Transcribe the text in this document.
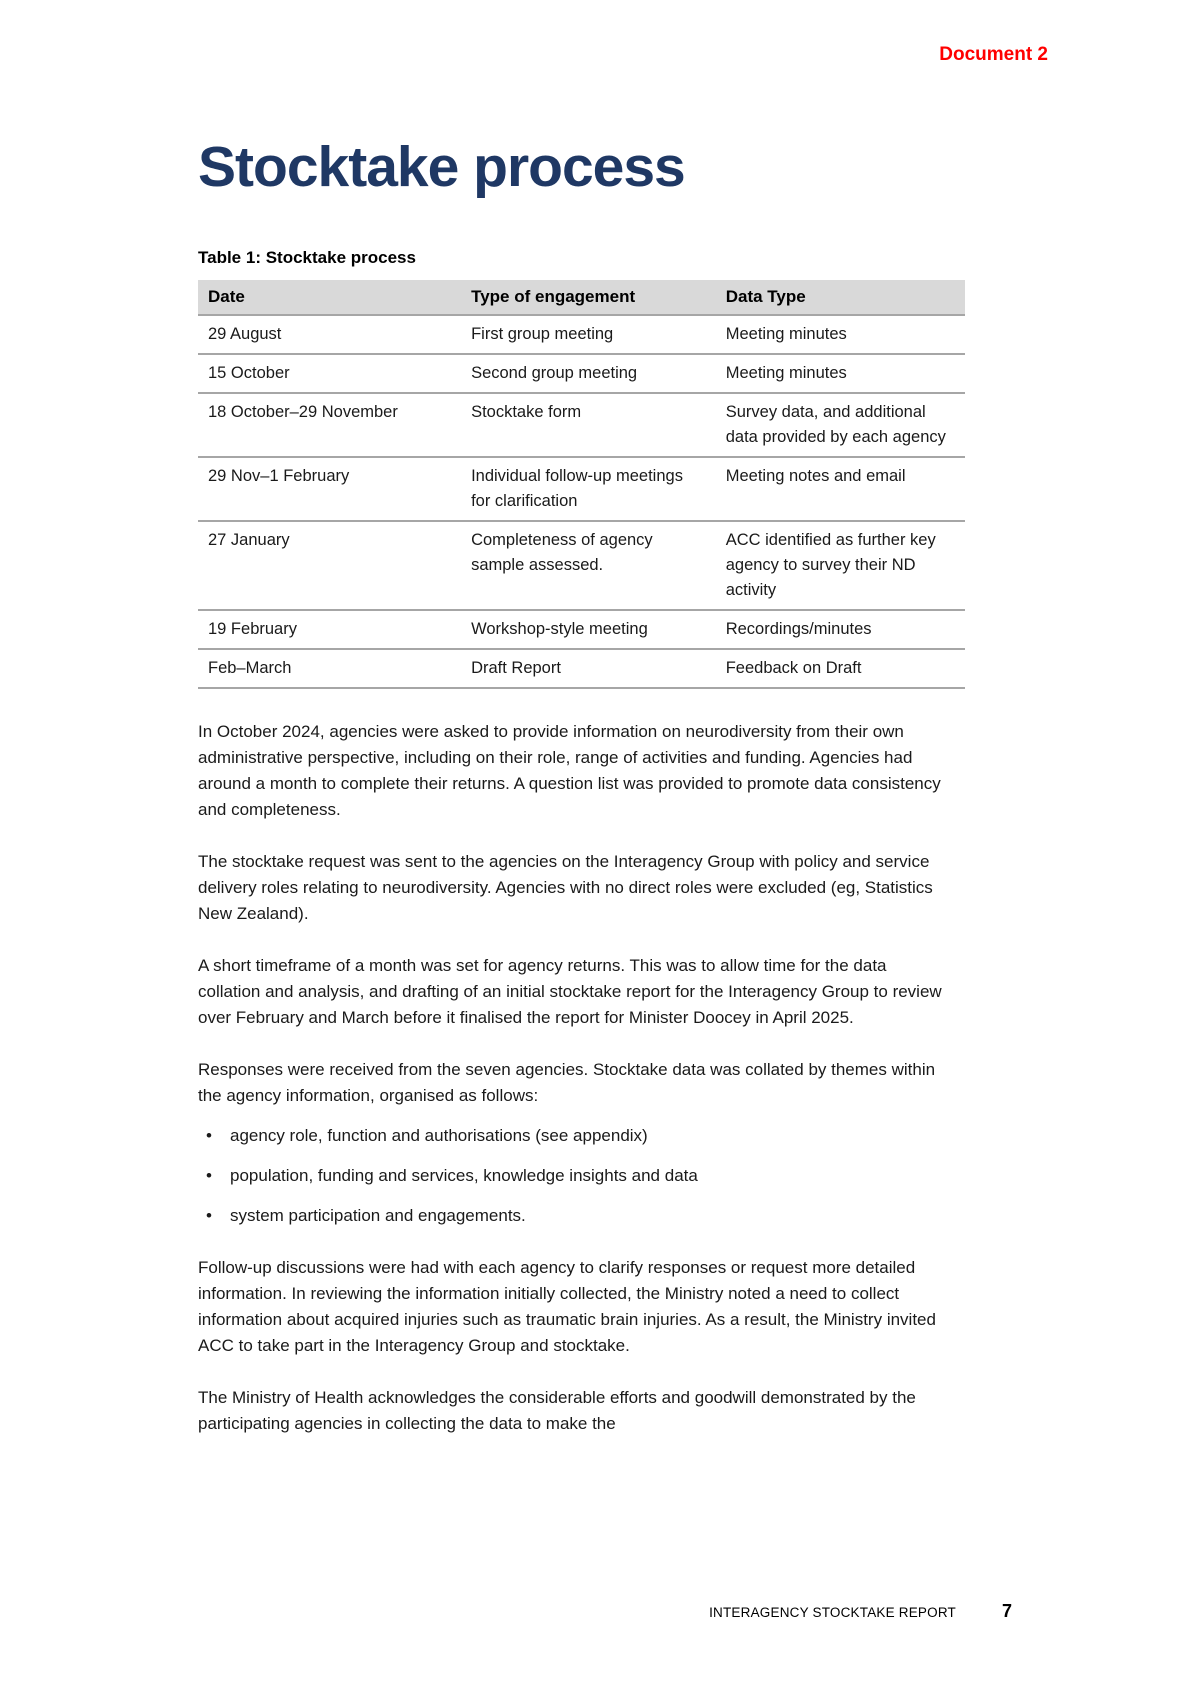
Document 2
Stocktake process
Table 1: Stocktake process
Date	Type of engagement	Data Type
29 August	First group meeting	Meeting minutes
15 October	Second group meeting	Meeting minutes
18 October–29 November	Stocktake form	Survey data, and additional data provided by each agency
29 Nov–1 February	Individual follow-up meetings for clarification	Meeting notes and email
27 January	Completeness of agency sample assessed.	ACC identified as further key agency to survey their ND activity
19 February	Workshop-style meeting	Recordings/minutes
Feb–March	Draft Report	Feedback on Draft

In October 2024, agencies were asked to provide information on neurodiversity from their own administrative perspective, including on their role, range of activities and funding. Agencies had around a month to complete their returns. A question list was provided to promote data consistency and completeness.

The stocktake request was sent to the agencies on the Interagency Group with policy and service delivery roles relating to neurodiversity. Agencies with no direct roles were excluded (eg, Statistics New Zealand).

A short timeframe of a month was set for agency returns. This was to allow time for the data collation and analysis, and drafting of an initial stocktake report for the Interagency Group to review over February and March before it finalised the report for Minister Doocey in April 2025.

Responses were received from the seven agencies. Stocktake data was collated by themes within the agency information, organised as follows:

• agency role, function and authorisations (see appendix)
• population, funding and services, knowledge insights and data
• system participation and engagements.

Follow-up discussions were had with each agency to clarify responses or request more detailed information. In reviewing the information initially collected, the Ministry noted a need to collect information about acquired injuries such as traumatic brain injuries. As a result, the Ministry invited ACC to take part in the Interagency Group and stocktake.

The Ministry of Health acknowledges the considerable efforts and goodwill demonstrated by the participating agencies in collecting the data to make the

INTERAGENCY STOCKTAKE REPORT	7
